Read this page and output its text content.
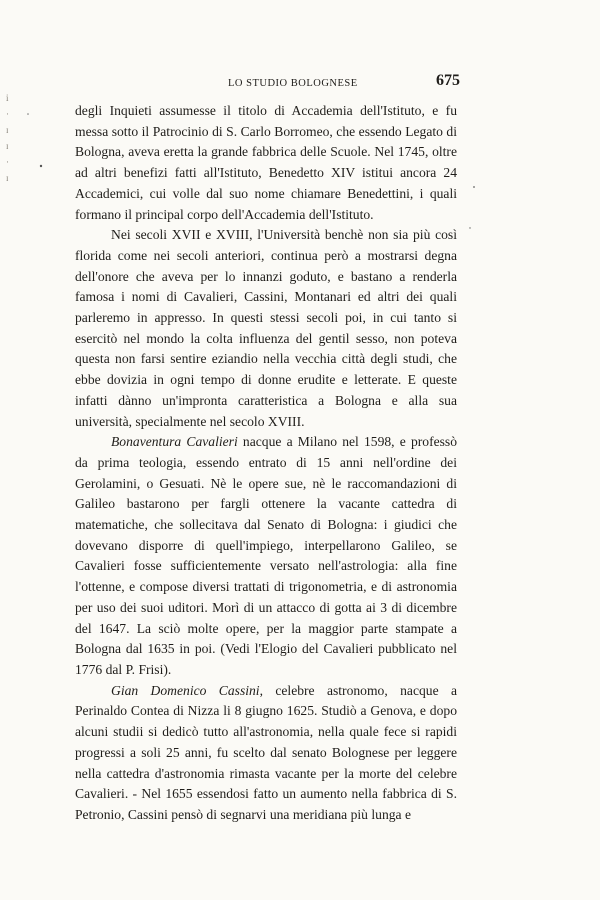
i
·
ɪ
ɪ
·
ɪ
LO STUDIO BOLOGNESE	675

degli Inquieti assumesse il titolo di Accademia dell'Istituto, e fu messa sotto il Patrocinio di S. Carlo Borromeo, che essendo Legato di Bologna, aveva eretta la grande fabbrica delle Scuole. Nel 1745, oltre ad altri benefizi fatti all'Istituto, Benedetto XIV istitui ancora 24 Accademici, cui volle dal suo nome chiamare Benedettini, i quali formano il principal corpo dell'Accademia dell'Istituto.

Nei secoli XVII e XVIII, l'Università benchè non sia più così florida come nei secoli anteriori, continua però a mostrarsi degna dell'onore che aveva per lo innanzi goduto, e bastano a renderla famosa i nomi di Cavalieri, Cassini, Montanari ed altri dei quali parleremo in appresso. In questi stessi secoli poi, in cui tanto si esercitò nel mondo la colta influenza del gentil sesso, non poteva questa non farsi sentire eziandio nella vecchia città degli studi, che ebbe dovizia in ogni tempo di donne erudite e letterate. E queste infatti dànno un'impronta caratteristica a Bologna e alla sua università, specialmente nel secolo XVIII.

Bonaventura Cavalieri nacque a Milano nel 1598, e professò da prima teologia, essendo entrato di 15 anni nell'ordine dei Gerolamini, o Gesuati. Nè le opere sue, nè le raccomandazioni di Galileo bastarono per fargli ottenere la vacante cattedra di matematiche, che sollecitava dal Senato di Bologna: i giudici che dovevano disporre di quell'impiego, interpellarono Galileo, se Cavalieri fosse sufficientemente versato nell'astrologia: alla fine l'ottenne, e compose diversi trattati di trigonometria, e di astronomia per uso dei suoi uditori. Morì di un attacco di gotta ai 3 di dicembre del 1647. La sciò molte opere, per la maggior parte stampate a Bologna dal 1635 in poi. (Vedi l'Elogio del Cavalieri pubblicato nel 1776 dal P. Frisi).

Gian Domenico Cassini, celebre astronomo, nacque a Perinaldo Contea di Nizza li 8 giugno 1625. Studiò a Genova, e dopo alcuni studii si dedicò tutto all'astronomia, nella quale fece si rapidi progressi a soli 25 anni, fu scelto dal senato Bolognese per leggere nella cattedra d'astronomia rimasta vacante per la morte del celebre Cavalieri. - Nel 1655 essendosi fatto un aumento nella fabbrica di S. Petronio, Cassini pensò di segnarvi una meridiana più lunga e
